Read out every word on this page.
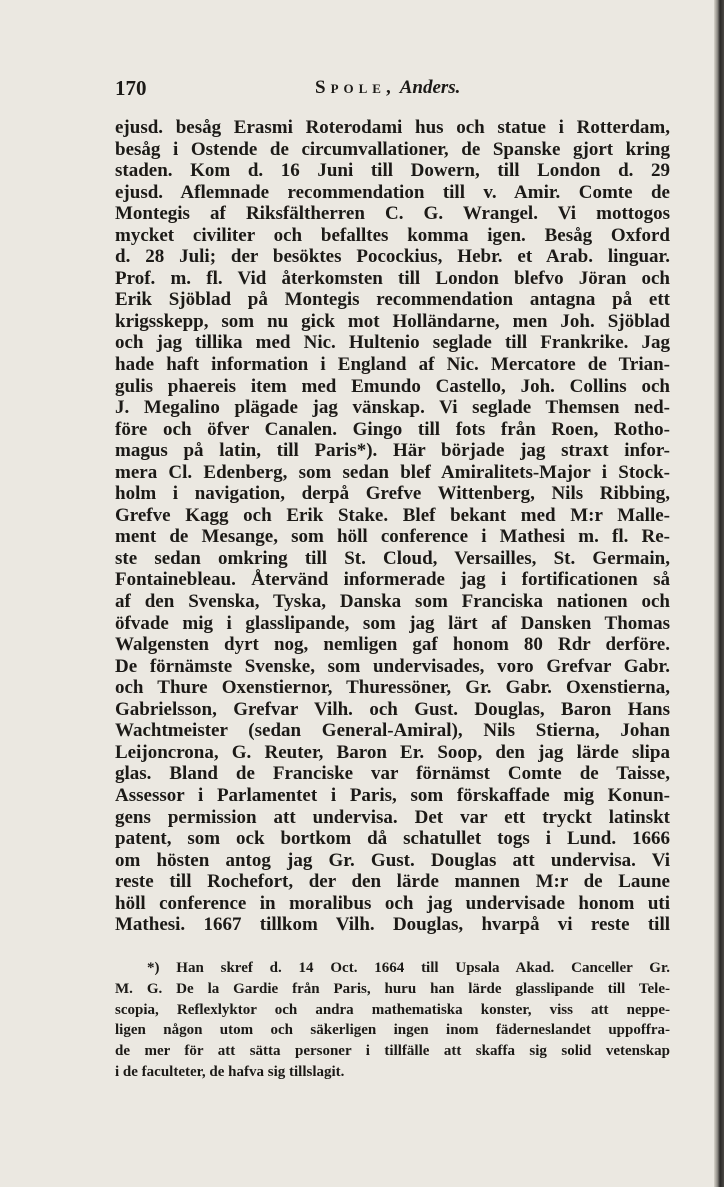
170	Spole, Anders.
ejusd. besåg Erasmi Roterodami hus och statue i Rotterdam,
besåg i Ostende de circumvallationer, de Spanske gjort kring
staden. Kom d. 16 Juni till Dowern, till London d. 29
ejusd. Aflemnade recommendation till v. Amir. Comte de
Montegis af Riksfältherren C. G. Wrangel. Vi mottogos
mycket civiliter och befalltes komma igen. Besåg Oxford
d. 28 Juli; der besöktes Pocockius, Hebr. et Arab. linguar.
Prof. m. fl. Vid återkomsten till London blefvo Jöran och
Erik Sjöblad på Montegis recommendation antagna på ett
krigsskepp, som nu gick mot Holländarne, men Joh. Sjöblad
och jag tillika med Nic. Hultenio seglade till Frankrike. Jag
hade haft information i England af Nic. Mercatore de Trian-
gulis phaereis item med Emundo Castello, Joh. Collins och
J. Megalino plägade jag vänskap. Vi seglade Themsen ned-
före och öfver Canalen. Gingo till fots från Roen, Rotho-
magus på latin, till Paris*). Här började jag straxt infor-
mera Cl. Edenberg, som sedan blef Amiralitets-Major i Stock-
holm i navigation, derpå Grefve Wittenberg, Nils Ribbing,
Grefve Kagg och Erik Stake. Blef bekant med M:r Malle-
ment de Mesange, som höll conference i Mathesi m. fl. Re-
ste sedan omkring till St. Cloud, Versailles, St. Germain,
Fontainebleau. Återvänd informerade jag i fortificationen så
af den Svenska, Tyska, Danska som Franciska nationen och
öfvade mig i glasslipande, som jag lärt af Dansken Thomas
Walgensten dyrt nog, nemligen gaf honom 80 Rdr derföre.
De förnämste Svenske, som undervisades, voro Grefvar Gabr.
och Thure Oxenstiernor, Thuressöner, Gr. Gabr. Oxenstierna,
Gabrielsson, Grefvar Vilh. och Gust. Douglas, Baron Hans
Wachtmeister (sedan General-Amiral), Nils Stierna, Johan
Leijoncrona, G. Reuter, Baron Er. Soop, den jag lärde slipa
glas. Bland de Franciske var förnämst Comte de Taisse,
Assessor i Parlamentet i Paris, som förskaffade mig Konun-
gens permission att undervisa. Det var ett tryckt latinskt
patent, som ock bortkom då schatullet togs i Lund. 1666
om hösten antog jag Gr. Gust. Douglas att undervisa. Vi
reste till Rochefort, der den lärde mannen M:r de Laune
höll conference in moralibus och jag undervisade honom uti
Mathesi. 1667 tillkom Vilh. Douglas, hvarpå vi reste till
*) Han skref d. 14 Oct. 1664 till Upsala Akad. Canceller Gr.
M. G. De la Gardie från Paris, huru han lärde glasslipande till Tele-
scopia, Reflexlyktor och andra mathematiska konster, viss att neppe-
ligen någon utom och säkerligen ingen inom fäderneslandet uppoffra-
de mer för att sätta personer i tillfälle att skaffa sig solid vetenskap
i de faculteter, de hafva sig tillslagit.
